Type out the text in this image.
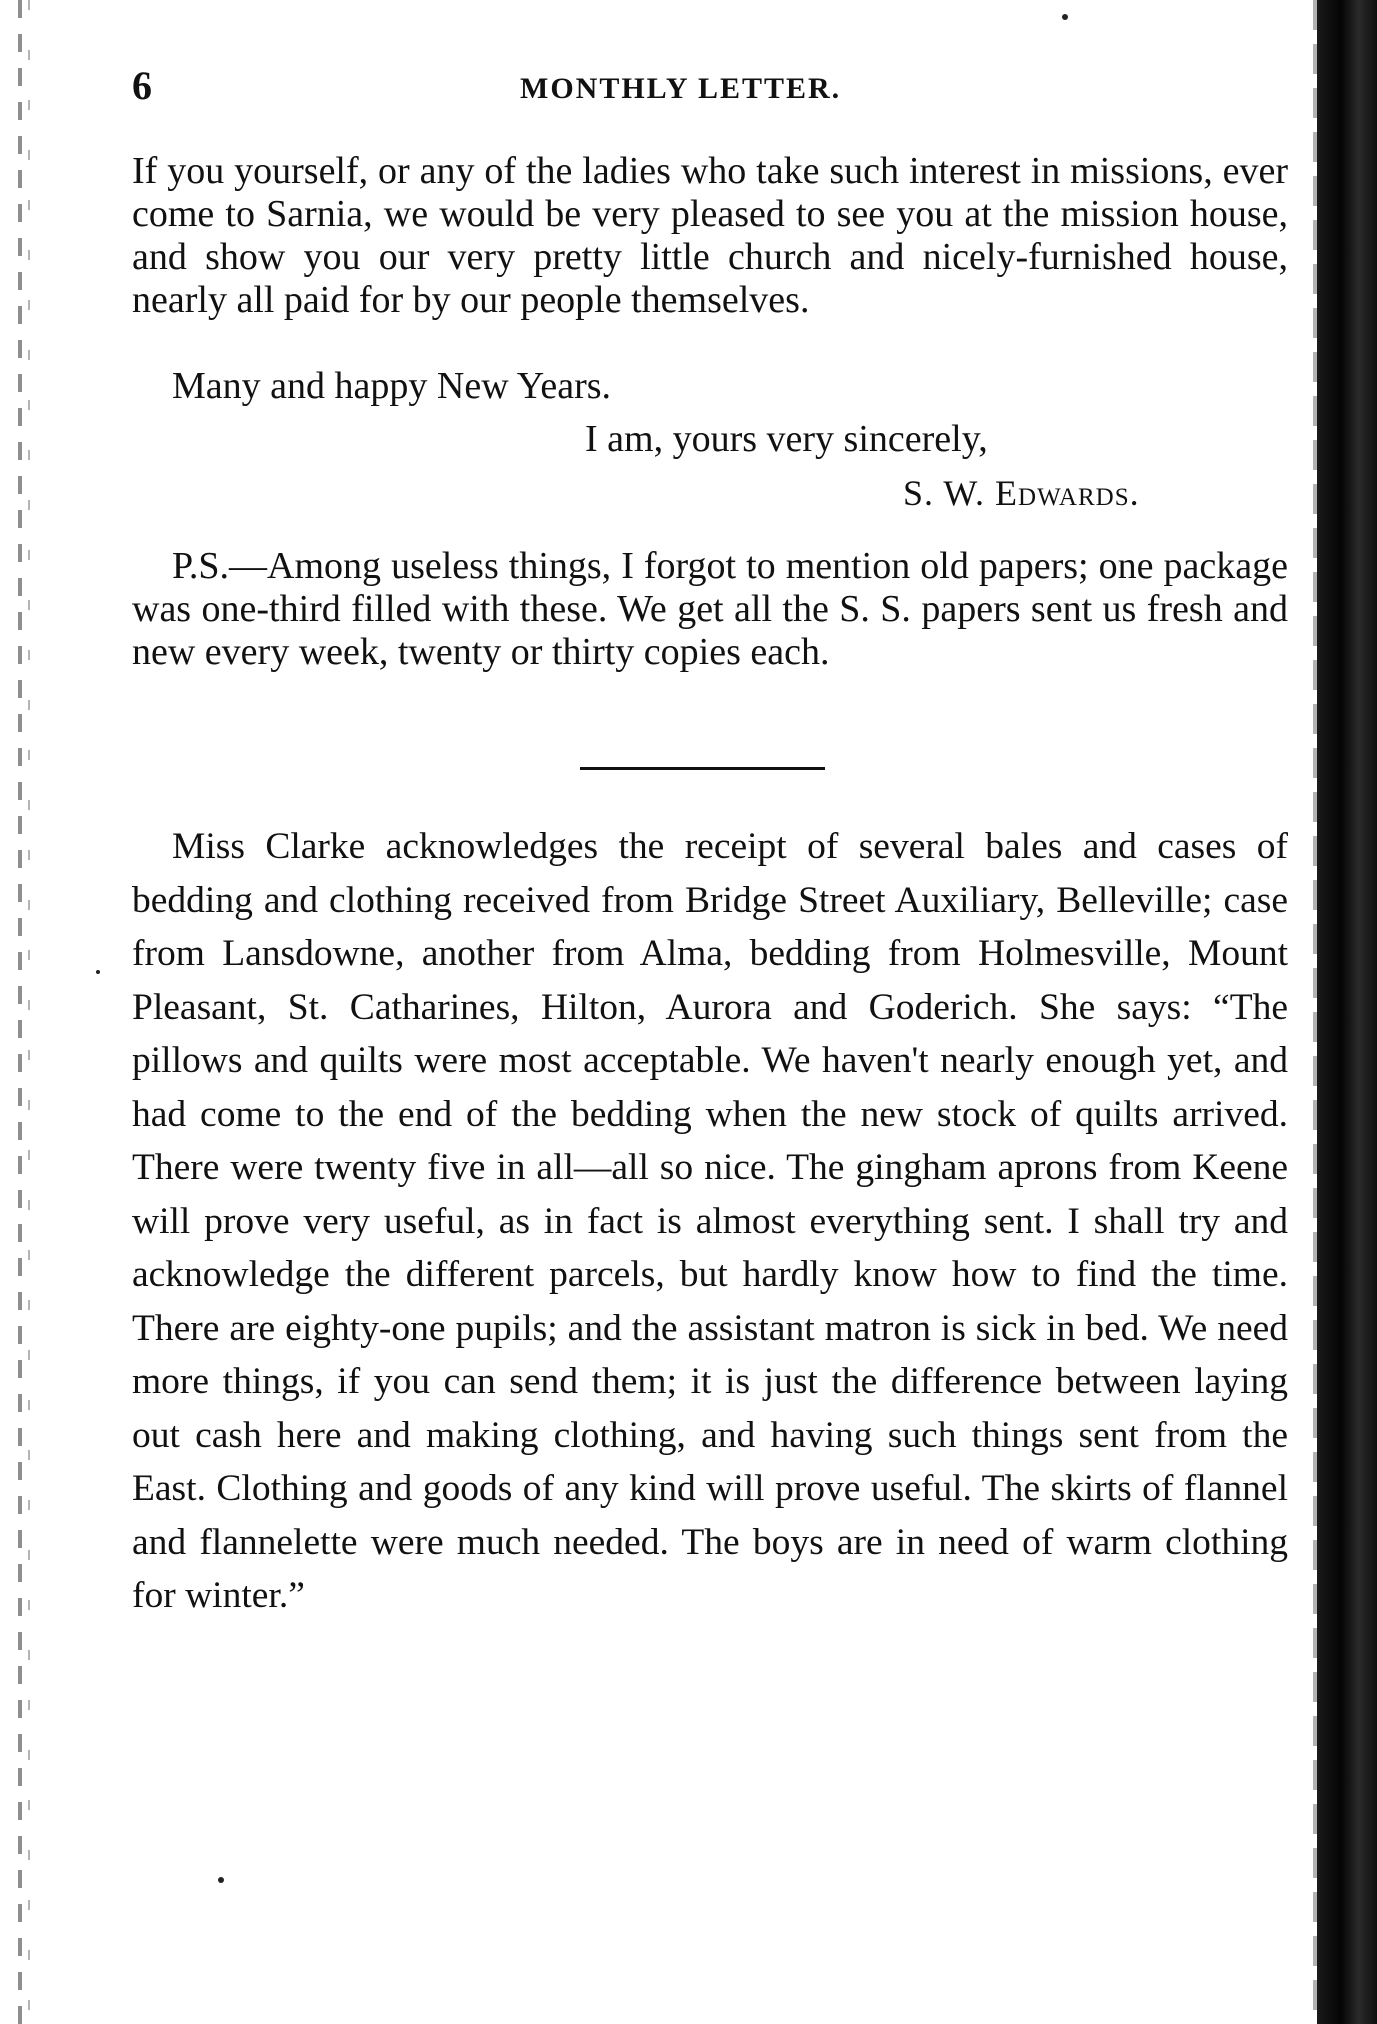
6	MONTHLY LETTER.

If you yourself, or any of the ladies who take such interest in missions, ever come to Sarnia, we would be very pleased to see you at the mission house, and show you our very pretty little church and nicely-furnished house, nearly all paid for by our people themselves.

Many and happy New Years.

I am, yours very sincerely,

S. W. Edwards.

P.S.—Among useless things, I forgot to mention old papers; one package was one-third filled with these. We get all the S. S. papers sent us fresh and new every week, twenty or thirty copies each.

Miss Clarke acknowledges the receipt of several bales and cases of bedding and clothing received from Bridge Street Auxiliary, Belleville; case from Lansdowne, another from Alma, bedding from Holmesville, Mount Pleasant, St. Catharines, Hilton, Aurora and Goderich. She says: “The pillows and quilts were most acceptable. We haven't nearly enough yet, and had come to the end of the bedding when the new stock of quilts arrived. There were twenty five in all—all so nice. The gingham aprons from Keene will prove very useful, as in fact is almost everything sent. I shall try and acknowledge the different parcels, but hardly know how to find the time. There are eighty-one pupils; and the assistant matron is sick in bed. We need more things, if you can send them; it is just the difference between laying out cash here and making clothing, and having such things sent from the East. Clothing and goods of any kind will prove useful. The skirts of flannel and flannelette were much needed. The boys are in need of warm clothing for winter.”
